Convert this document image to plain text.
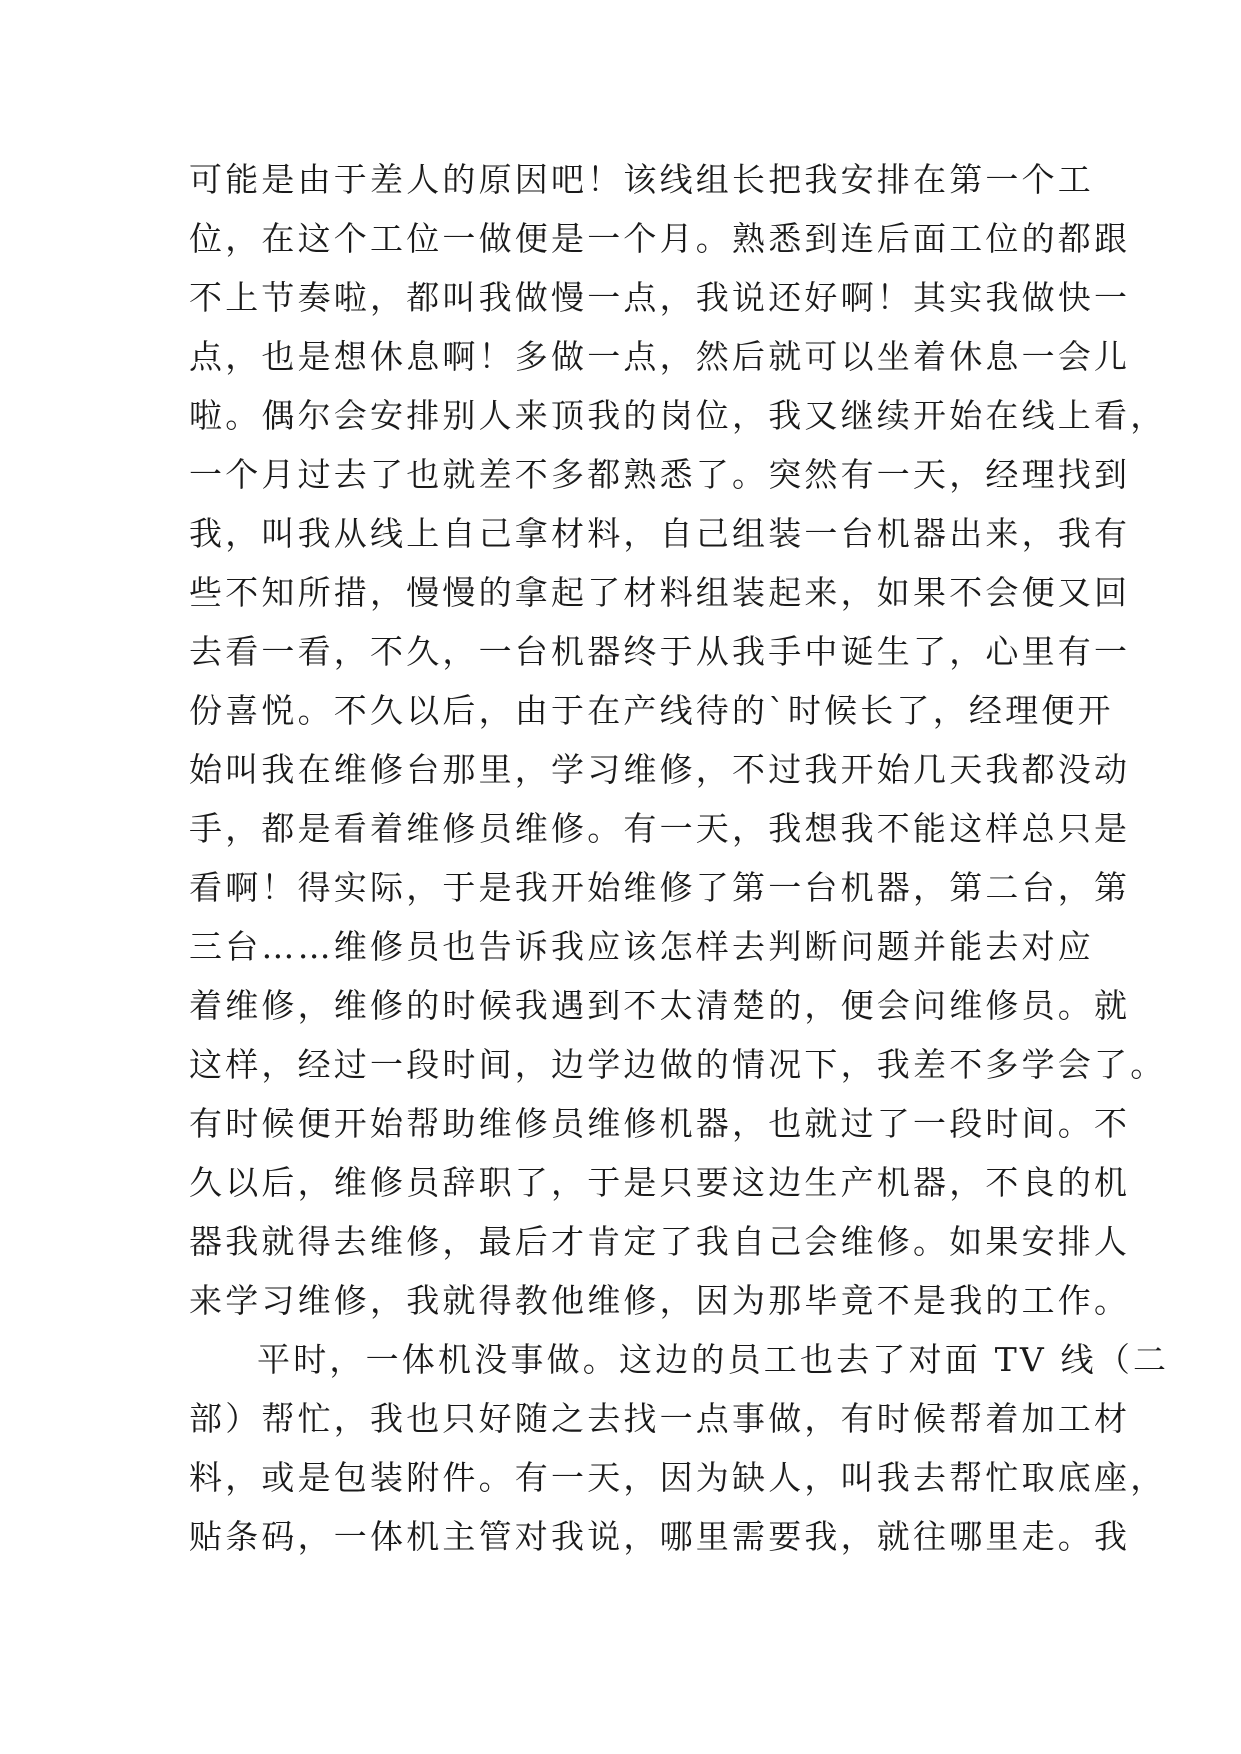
可能是由于差人的原因吧！该线组长把我安排在第一个工
位，在这个工位一做便是一个月。熟悉到连后面工位的都跟
不上节奏啦，都叫我做慢一点，我说还好啊！其实我做快一
点，也是想休息啊！多做一点，然后就可以坐着休息一会儿
啦。偶尔会安排别人来顶我的岗位，我又继续开始在线上看，
一个月过去了也就差不多都熟悉了。突然有一天，经理找到
我，叫我从线上自己拿材料，自己组装一台机器出来，我有
些不知所措，慢慢的拿起了材料组装起来，如果不会便又回
去看一看，不久，一台机器终于从我手中诞生了，心里有一
份喜悦。不久以后，由于在产线待的`时候长了，经理便开
始叫我在维修台那里，学习维修，不过我开始几天我都没动
手，都是看着维修员维修。有一天，我想我不能这样总只是
看啊！得实际，于是我开始维修了第一台机器，第二台，第
三台……维修员也告诉我应该怎样去判断问题并能去对应
着维修，维修的时候我遇到不太清楚的，便会问维修员。就
这样，经过一段时间，边学边做的情况下，我差不多学会了。
有时候便开始帮助维修员维修机器，也就过了一段时间。不
久以后，维修员辞职了，于是只要这边生产机器，不良的机
器我就得去维修，最后才肯定了我自己会维修。如果安排人
来学习维修，我就得教他维修，因为那毕竟不是我的工作。
平时，一体机没事做。这边的员工也去了对面 TV 线（二
部）帮忙，我也只好随之去找一点事做，有时候帮着加工材
料，或是包装附件。有一天，因为缺人，叫我去帮忙取底座，
贴条码，一体机主管对我说，哪里需要我，就往哪里走。我
